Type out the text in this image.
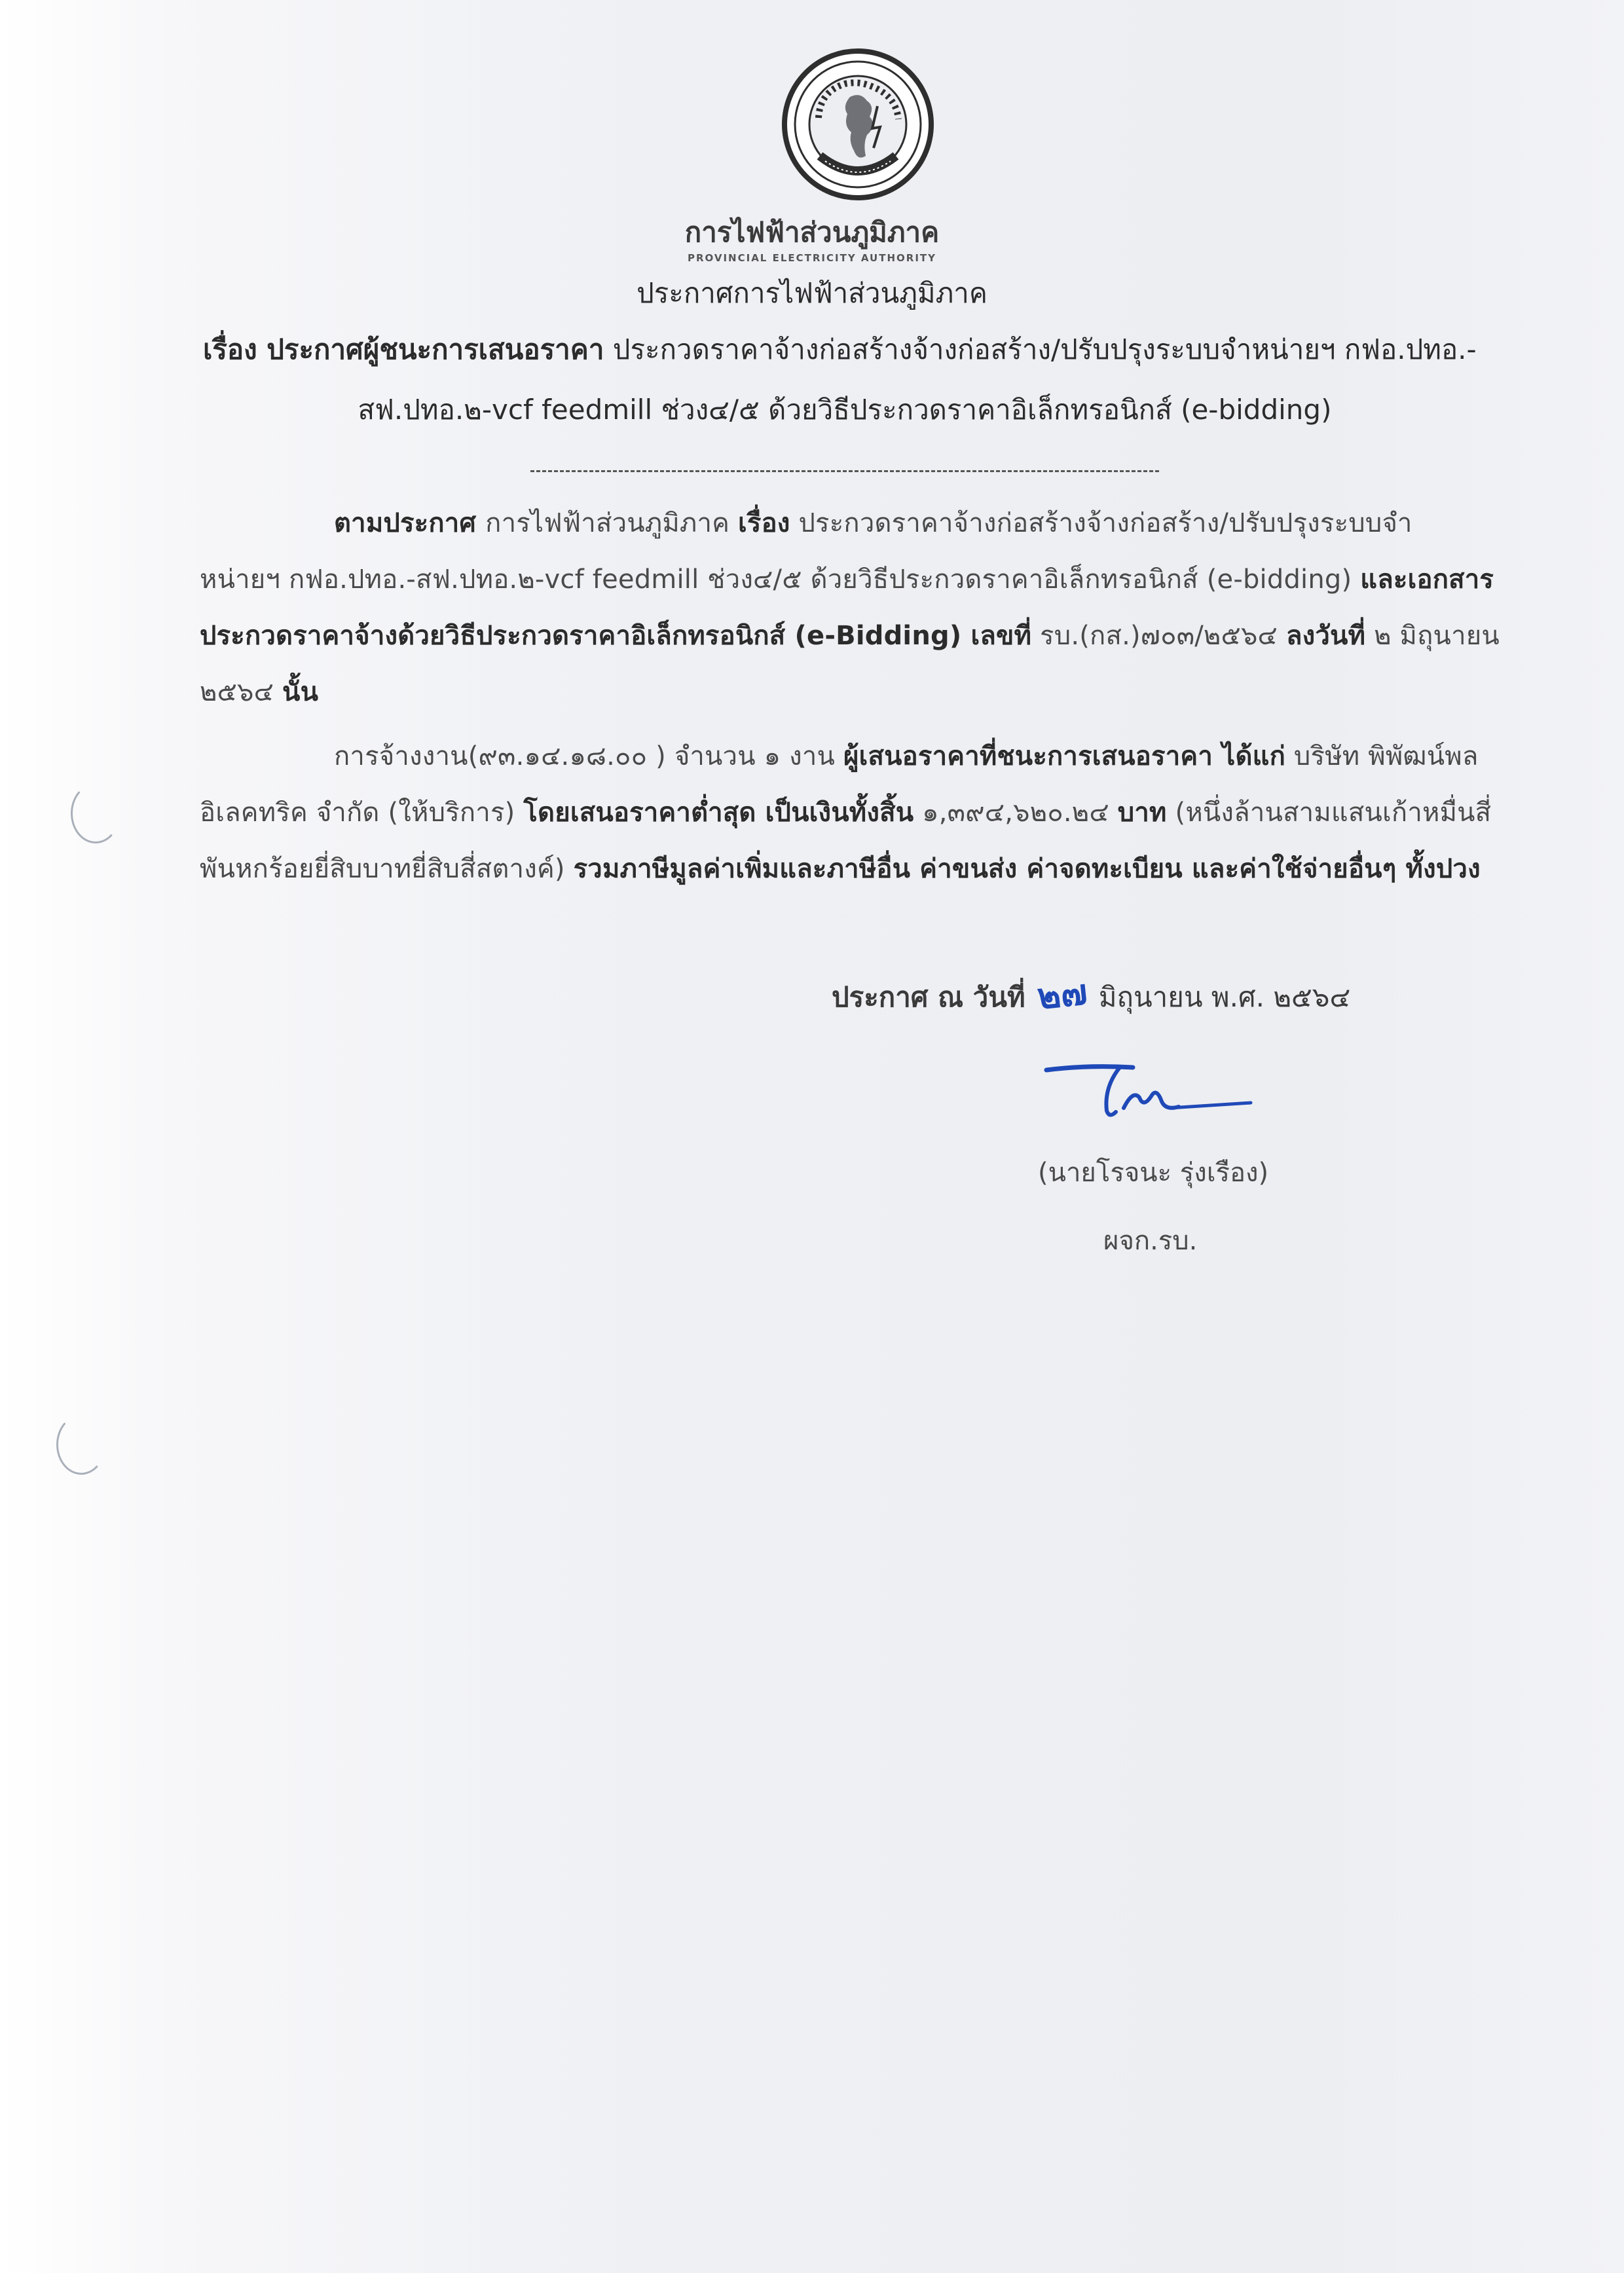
การไฟฟ้าส่วนภูมิภาค
PROVINCIAL ELECTRICITY AUTHORITY
ประกาศการไฟฟ้าส่วนภูมิภาค
เรื่อง ประกาศผู้ชนะการเสนอราคา ประกวดราคาจ้างก่อสร้างจ้างก่อสร้าง/ปรับปรุงระบบจำหน่ายฯ กฟอ.ปทอ.-
สฟ.ปทอ.๒-vcf feedmill ช่วง๔/๕ ด้วยวิธีประกวดราคาอิเล็กทรอนิกส์ (e-bidding)
ตามประกาศ การไฟฟ้าส่วนภูมิภาค เรื่อง ประกวดราคาจ้างก่อสร้างจ้างก่อสร้าง/ปรับปรุงระบบจำ
หน่ายฯ กฟอ.ปทอ.-สฟ.ปทอ.๒-vcf feedmill ช่วง๔/๕ ด้วยวิธีประกวดราคาอิเล็กทรอนิกส์ (e-bidding) และเอกสาร
ประกวดราคาจ้างด้วยวิธีประกวดราคาอิเล็กทรอนิกส์ (e-Bidding) เลขที่ รบ.(กส.)๗๐๓/๒๕๖๔ ลงวันที่ ๒ มิถุนายน
๒๕๖๔ นั้น
การจ้างงาน(๙๓.๑๔.๑๘.๐๐ ) จำนวน ๑ งาน ผู้เสนอราคาที่ชนะการเสนอราคา ได้แก่ บริษัท พิพัฒน์พล
อิเลคทริค จำกัด (ให้บริการ) โดยเสนอราคาต่ำสุด เป็นเงินทั้งสิ้น ๑,๓๙๔,๖๒๐.๒๔ บาท (หนึ่งล้านสามแสนเก้าหมื่นสี่
พันหกร้อยยี่สิบบาทยี่สิบสี่สตางค์) รวมภาษีมูลค่าเพิ่มและภาษีอื่น ค่าขนส่ง ค่าจดทะเบียน และค่าใช้จ่ายอื่นๆ ทั้งปวง
ประกาศ ณ วันที่ ๒๗ มิถุนายน พ.ศ. ๒๕๖๔
(นายโรจนะ รุ่งเรือง)
ผจก.รบ.
